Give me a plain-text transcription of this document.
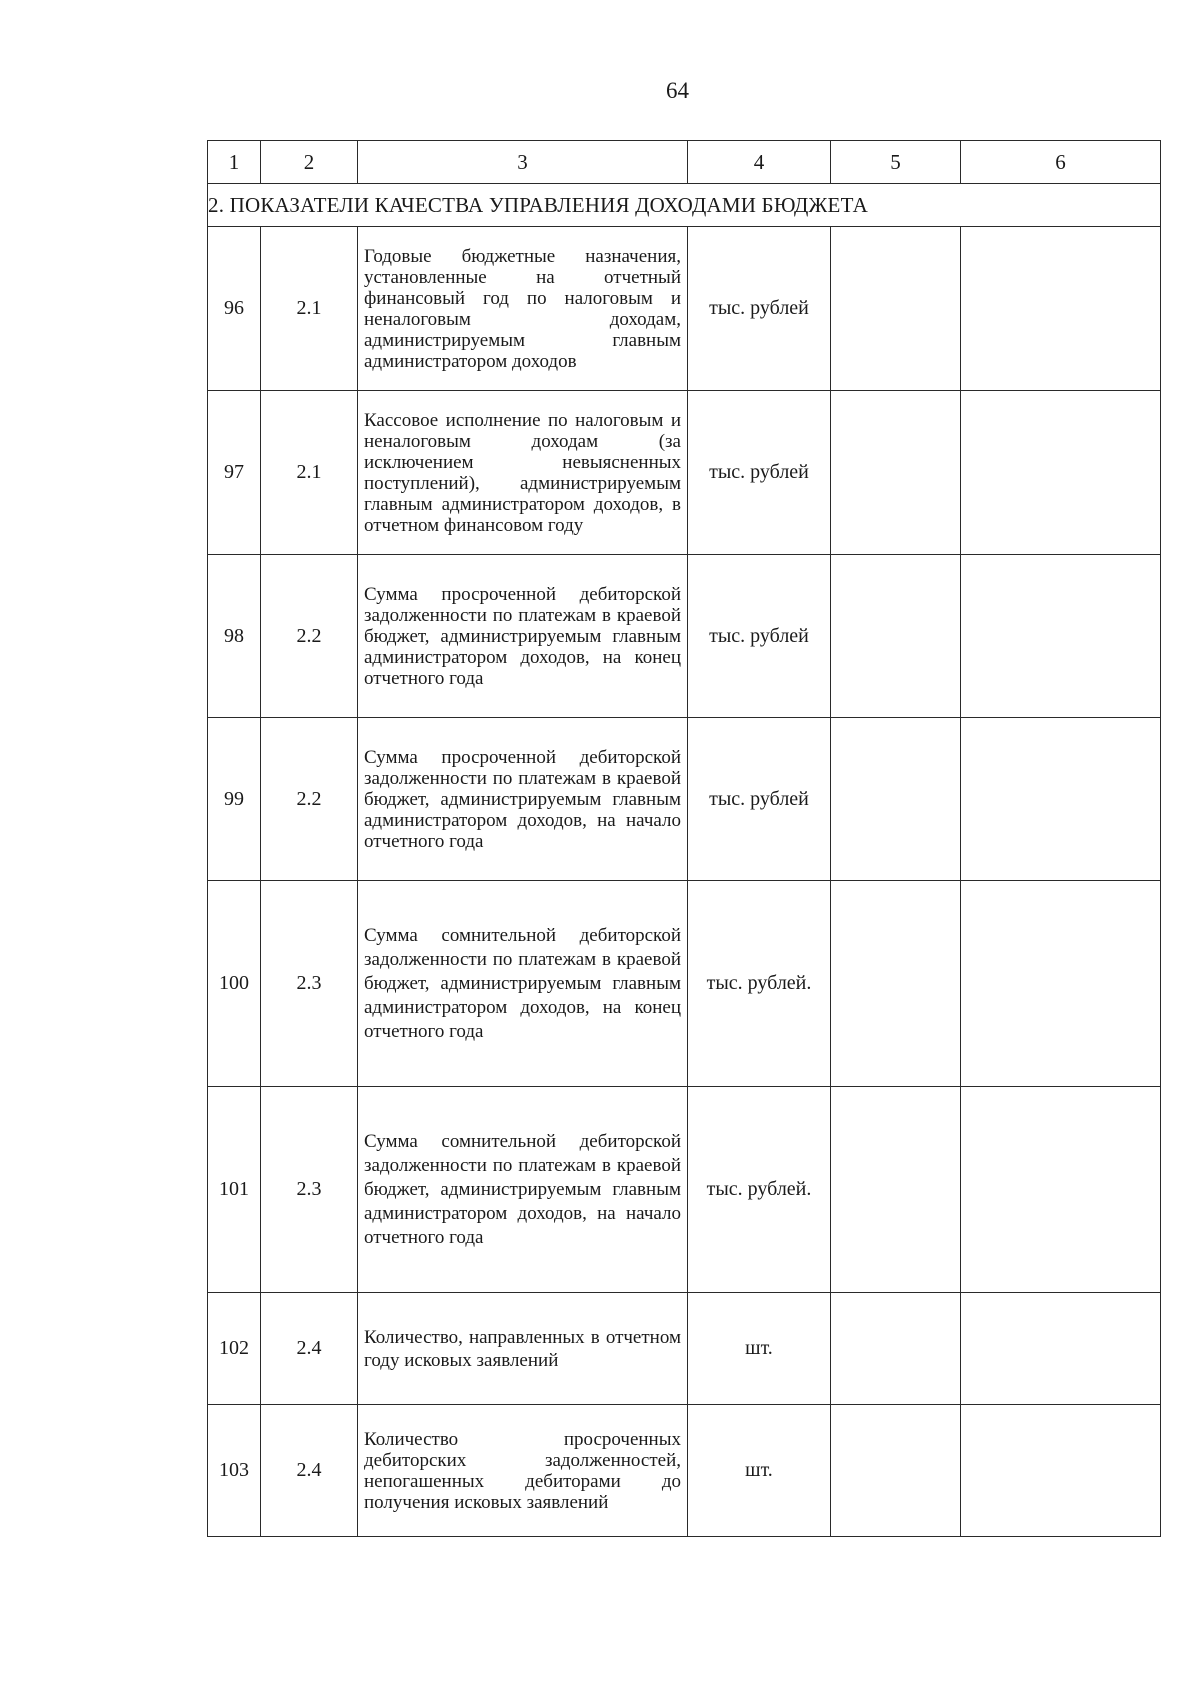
64
1	2	3	4	5	6
2. ПОКАЗАТЕЛИ КАЧЕСТВА УПРАВЛЕНИЯ ДОХОДАМИ БЮДЖЕТА					
96	2.1	Годовые бюджетные назначения, установленные на отчетный финансовый год по налоговым и неналоговым доходам, администрируемым главным администратором доходов	тыс. рублей		
97	2.1	Кассовое исполнение по налоговым и неналоговым доходам (за исключением невыясненных поступлений), администрируемым главным администратором доходов, в отчетном финансовом году	тыс. рублей		
98	2.2	Сумма просроченной дебиторской задолженности по платежам в краевой бюджет, администрируемым главным администратором доходов, на конец отчетного года	тыс. рублей		
99	2.2	Сумма просроченной дебиторской задолженности по платежам в краевой бюджет, администрируемым главным администратором доходов, на начало отчетного года	тыс. рублей		
100	2.3	Сумма сомнительной дебиторской задолженности по платежам в краевой бюджет, администрируемым главным администратором доходов, на конец отчетного года	тыс. рублей.		
101	2.3	Сумма сомнительной дебиторской задолженности по платежам в краевой бюджет, администрируемым главным администратором доходов, на начало отчетного года	тыс. рублей.		
102	2.4	Количество, направленных в отчетном году исковых заявлений	шт.		
103	2.4	Количество просроченных дебиторских задолженностей, непогашенных дебиторами до получения исковых заявлений	шт.		
